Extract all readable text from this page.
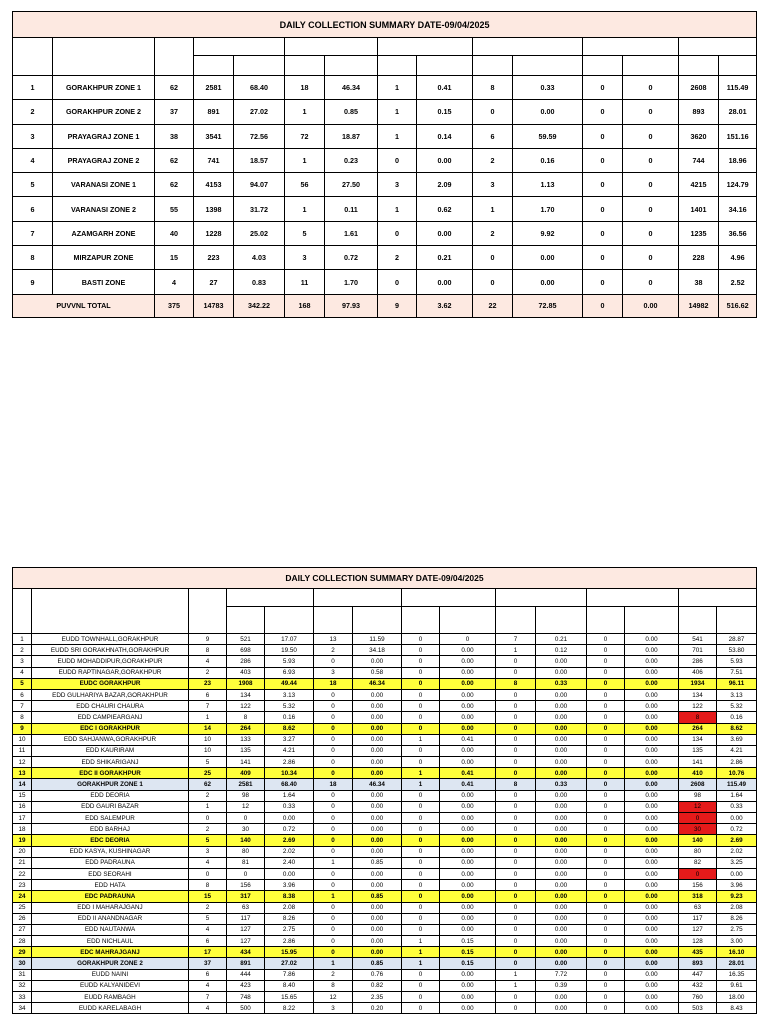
DAILY COLLECTION SUMMARY DATE-09/04/2025														

1	GORAKHPUR ZONE 1	62	2581	68.40	18	46.34	1	0.41	8	0.33	0	0	2608	115.49
2	GORAKHPUR ZONE 2	37	891	27.02	1	0.85	1	0.15	0	0.00	0	0	893	28.01
3	PRAYAGRAJ ZONE 1	38	3541	72.56	72	18.87	1	0.14	6	59.59	0	0	3620	151.16
4	PRAYAGRAJ ZONE 2	62	741	18.57	1	0.23	0	0.00	2	0.16	0	0	744	18.96
5	VARANASI ZONE 1	62	4153	94.07	56	27.50	3	2.09	3	1.13	0	0	4215	124.79
6	VARANASI ZONE 2	55	1398	31.72	1	0.11	1	0.62	1	1.70	0	0	1401	34.16
7	AZAMGARH ZONE	40	1228	25.02	5	1.61	0	0.00	2	9.92	0	0	1235	36.56
8	MIRZAPUR ZONE	15	223	4.03	3	0.72	2	0.21	0	0.00	0	0	228	4.96
9	BASTI ZONE	4	27	0.83	11	1.70	0	0.00	0	0.00	0	0	38	2.52
PUVVNL TOTAL		375	14783	342.22	168	97.93	9	3.62	22	72.85	0	0.00	14982	516.62
DAILY COLLECTION SUMMARY DATE-09/04/2025														

1	EUDD TOWNHALL,GORAKHPUR	9	521	17.07	13	11.59	0	0	7	0.21	0	0.00	541	28.87
2	EUDD SRI GORAKHNATH,GORAKHPUR	8	698	19.50	2	34.18	0	0.00	1	0.12	0	0.00	701	53.80
3	EUDD MOHADDIPUR,GORAKHPUR	4	286	5.93	0	0.00	0	0.00	0	0.00	0	0.00	286	5.93
4	EUDD RAPTINAGAR,GORAKHPUR	2	403	6.93	3	0.58	0	0.00	0	0.00	0	0.00	406	7.51
5	EUDC GORAKHPUR	23	1908	49.44	18	46.34	0	0.00	8	0.33	0	0.00	1934	96.11
6	EDD GULHARIYA BAZAR,GORAKHPUR	6	134	3.13	0	0.00	0	0.00	0	0.00	0	0.00	134	3.13
7	EDD CHAURI CHAURA	7	122	5.32	0	0.00	0	0.00	0	0.00	0	0.00	122	5.32
8	EDD CAMPIEARGANJ	1	8	0.16	0	0.00	0	0.00	0	0.00	0	0.00	8	0.16
9	EDC I GORAKHPUR	14	264	8.62	0	0.00	0	0.00	0	0.00	0	0.00	264	8.62
10	EDD SAHJANWA,GORAKHPUR	10	133	3.27	0	0.00	1	0.41	0	0.00	0	0.00	134	3.69
11	EDD KAURIRAM	10	135	4.21	0	0.00	0	0.00	0	0.00	0	0.00	135	4.21
12	EDD SHIKARIGANJ	5	141	2.86	0	0.00	0	0.00	0	0.00	0	0.00	141	2.86
13	EDC II GORAKHPUR	25	409	10.34	0	0.00	1	0.41	0	0.00	0	0.00	410	10.76
14	GORAKHPUR ZONE 1	62	2581	68.40	18	46.34	1	0.41	8	0.33	0	0.00	2608	115.49
15	EDD DEORIA	2	98	1.64	0	0.00	0	0.00	0	0.00	0	0.00	98	1.64
16	EDD GAURI BAZAR	1	12	0.33	0	0.00	0	0.00	0	0.00	0	0.00	12	0.33
17	EDD SALEMPUR	0	0	0.00	0	0.00	0	0.00	0	0.00	0	0.00	0	0.00
18	EDD BARHAJ	2	30	0.72	0	0.00	0	0.00	0	0.00	0	0.00	30	0.72
19	EDC DEORIA	5	140	2.69	0	0.00	0	0.00	0	0.00	0	0.00	140	2.69
20	EDD KASYA, KUSHINAGAR	3	80	2.02	0	0.00	0	0.00	0	0.00	0	0.00	80	2.02
21	EDD PADRAUNA	4	81	2.40	1	0.85	0	0.00	0	0.00	0	0.00	82	3.25
22	EDD SEORAHI	0	0	0.00	0	0.00	0	0.00	0	0.00	0	0.00	0	0.00
23	EDD HATA	8	156	3.96	0	0.00	0	0.00	0	0.00	0	0.00	156	3.96
24	EDC PADRAUNA	15	317	8.38	1	0.85	0	0.00	0	0.00	0	0.00	318	9.23
25	EDD I MAHARAJGANJ	2	63	2.08	0	0.00	0	0.00	0	0.00	0	0.00	63	2.08
26	EDD II ANANDNAGAR	5	117	8.26	0	0.00	0	0.00	0	0.00	0	0.00	117	8.26
27	EDD NAUTANWA	4	127	2.75	0	0.00	0	0.00	0	0.00	0	0.00	127	2.75
28	EDD NICHLAUL	6	127	2.86	0	0.00	1	0.15	0	0.00	0	0.00	128	3.00
29	EDC MAHRAJGANJ	17	434	15.95	0	0.00	1	0.15	0	0.00	0	0.00	435	16.10
30	GORAKHPUR ZONE 2	37	891	27.02	1	0.85	1	0.15	0	0.00	0	0.00	893	28.01
31	EUDD NAINI	6	444	7.86	2	0.76	0	0.00	1	7.72	0	0.00	447	16.35
32	EUDD KALYANIDEVI	4	423	8.40	8	0.82	0	0.00	1	0.39	0	0.00	432	9.61
33	EUDD RAMBAGH	7	748	15.65	12	2.35	0	0.00	0	0.00	0	0.00	760	18.00
34	EUDD KARELABAGH	4	500	8.22	3	0.20	0	0.00	0	0.00	0	0.00	503	8.43
